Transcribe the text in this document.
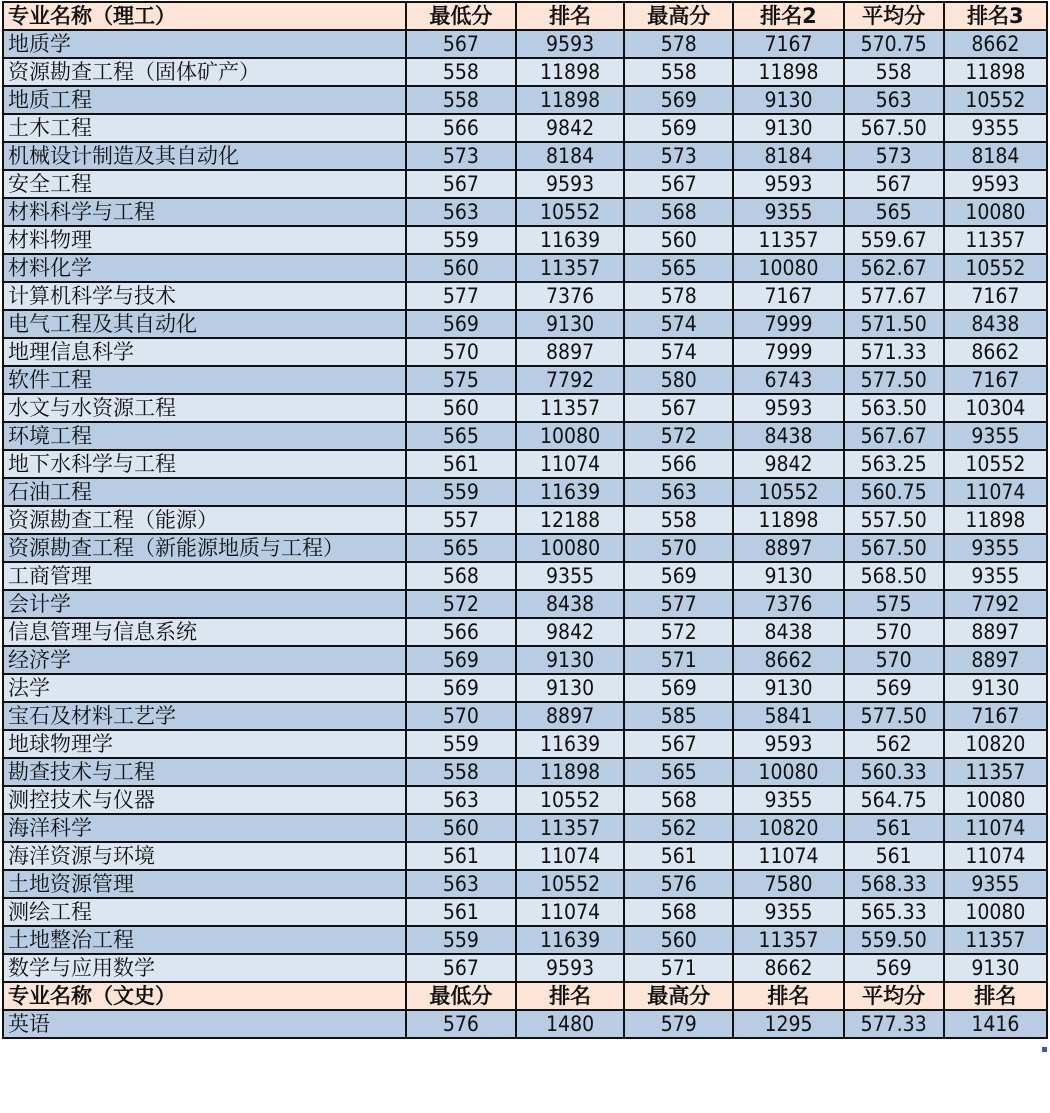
专业名称（理工）	最低分	排名	最高分	排名2	平均分	排名3
地质学	567	9593	578	7167	570.75	8662
资源勘查工程（固体矿产）	558	11898	558	11898	558	11898
地质工程	558	11898	569	9130	563	10552
土木工程	566	9842	569	9130	567.50	9355
机械设计制造及其自动化	573	8184	573	8184	573	8184
安全工程	567	9593	567	9593	567	9593
材料科学与工程	563	10552	568	9355	565	10080
材料物理	559	11639	560	11357	559.67	11357
材料化学	560	11357	565	10080	562.67	10552
计算机科学与技术	577	7376	578	7167	577.67	7167
电气工程及其自动化	569	9130	574	7999	571.50	8438
地理信息科学	570	8897	574	7999	571.33	8662
软件工程	575	7792	580	6743	577.50	7167
水文与水资源工程	560	11357	567	9593	563.50	10304
环境工程	565	10080	572	8438	567.67	9355
地下水科学与工程	561	11074	566	9842	563.25	10552
石油工程	559	11639	563	10552	560.75	11074
资源勘查工程（能源）	557	12188	558	11898	557.50	11898
资源勘查工程（新能源地质与工程）	565	10080	570	8897	567.50	9355
工商管理	568	9355	569	9130	568.50	9355
会计学	572	8438	577	7376	575	7792
信息管理与信息系统	566	9842	572	8438	570	8897
经济学	569	9130	571	8662	570	8897
法学	569	9130	569	9130	569	9130
宝石及材料工艺学	570	8897	585	5841	577.50	7167
地球物理学	559	11639	567	9593	562	10820
勘查技术与工程	558	11898	565	10080	560.33	11357
测控技术与仪器	563	10552	568	9355	564.75	10080
海洋科学	560	11357	562	10820	561	11074
海洋资源与环境	561	11074	561	11074	561	11074
土地资源管理	563	10552	576	7580	568.33	9355
测绘工程	561	11074	568	9355	565.33	10080
土地整治工程	559	11639	560	11357	559.50	11357
数学与应用数学	567	9593	571	8662	569	9130
专业名称（文史）	最低分	排名	最高分	排名	平均分	排名
英语	576	1480	579	1295	577.33	1416
